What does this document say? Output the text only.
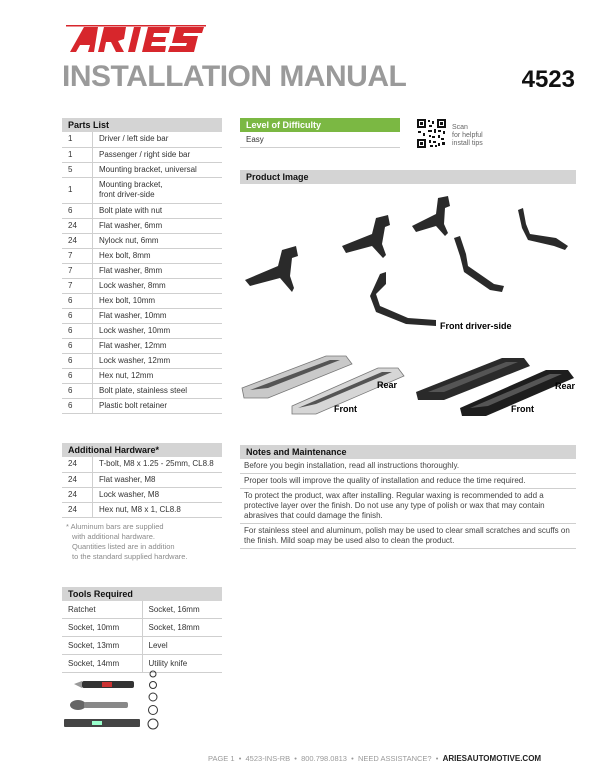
INSTALLATION MANUAL	4523
Parts List
1	Driver / left side bar

1	Passenger / right side bar

5	Mounting bracket, universal

1	Mounting bracket,
front driver-side

6	Bolt plate with nut

24	Flat washer, 6mm

24	Nylock nut, 6mm

7	Hex bolt, 8mm

7	Flat washer, 8mm

7	Lock washer, 8mm

6	Hex bolt, 10mm

6	Flat washer, 10mm

6	Lock washer, 10mm

6	Flat washer, 12mm

6	Lock washer, 12mm

6	Hex nut, 12mm

6	Bolt plate, stainless steel

6	Plastic bolt retainer
Additional Hardware*
24	T-bolt, M8 x 1.25 - 25mm, CL8.8

24	Flat washer, M8

24	Lock washer, M8

24	Hex nut, M8 x 1, CL8.8
* Aluminum bars are supplied
with additional hardware.
Quantities listed are in addition
to the standard supplied hardware.
Tools Required
Ratchet	Socket, 16mm
Socket, 10mm	Socket, 18mm
Socket, 13mm	Level
Socket, 14mm	Utility knife
Level of Difficulty
Easy
Scan
for helpful
install tips
Product Image
Front driver-side
Rear
Front
Rear
Front
Notes and Maintenance

Before you begin installation, read all instructions thoroughly.

Proper tools will improve the quality of installation and reduce the time required.

To protect the product, wax after installing. Regular waxing is recommended to add a protective layer over the finish. Do not use any type of polish or wax that may contain abrasives that could damage the finish.

For stainless steel and aluminum, polish may be used to clear small scratches and scuffs on the finish. Mild soap may be used also to clean the product.

PAGE 1  •  4523-INS-RB  •  800.798.0813  •  NEED ASSISTANCE?  •  ARIESAUTOMOTIVE.COM
